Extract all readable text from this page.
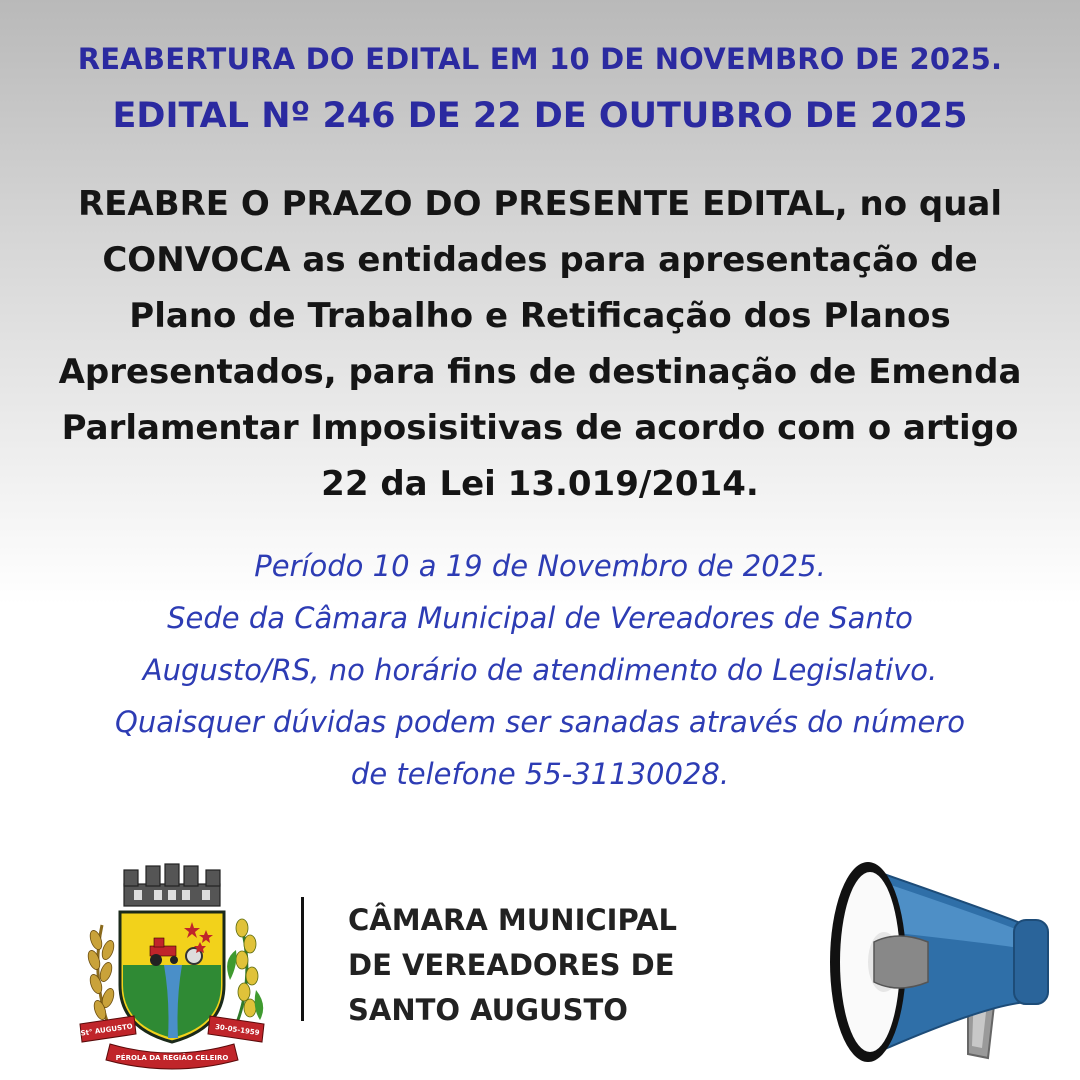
REABERTURA DO EDITAL EM 10 DE NOVEMBRO DE 2025.
EDITAL Nº 246 DE 22 DE OUTUBRO DE 2025
REABRE O PRAZO DO PRESENTE EDITAL, no qual
CONVOCA as entidades para apresentação de
Plano de Trabalho e Retificação dos Planos
Apresentados, para fins de destinação de Emenda
Parlamentar Imposisitivas de acordo com o artigo
22 da Lei 13.019/2014.
Período 10 a 19 de Novembro de 2025.
Sede da Câmara Municipal de Vereadores de Santo
Augusto/RS, no horário de atendimento do Legislativo.
Quaisquer dúvidas podem ser sanadas através do número
de telefone 55-31130028.
St° AUGUSTO	30-05-1959
PÉROLA DA REGIÃO CELEIRO
CÂMARA MUNICIPAL
DE VEREADORES DE
SANTO AUGUSTO
